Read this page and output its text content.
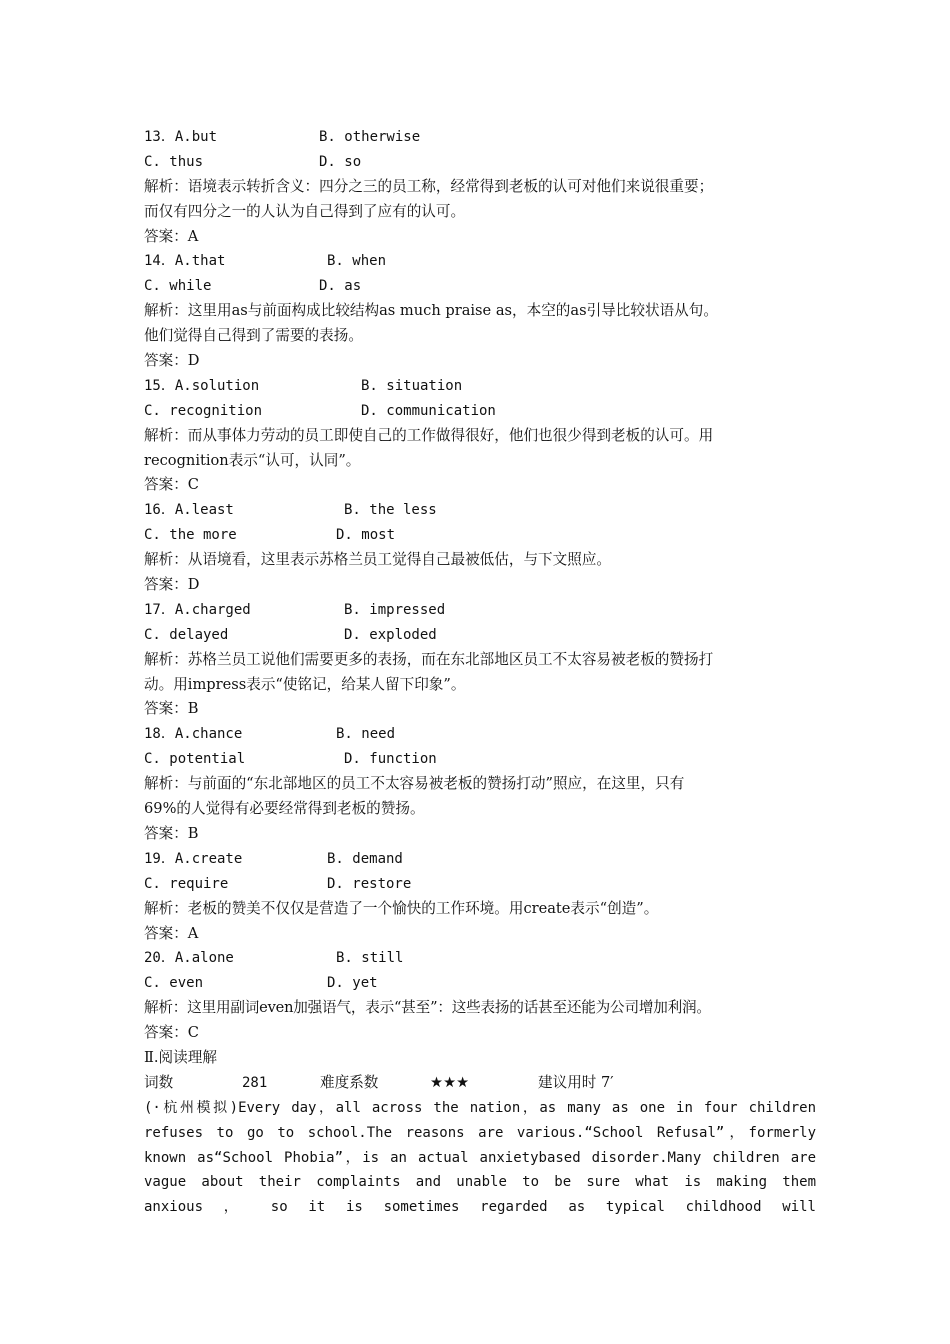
13．A.but	B. otherwise
C. thus	D. so
解析：语境表示转折含义：四分之三的员工称，经常得到老板的认可对他们来说很重要；
而仅有四分之一的人认为自己得到了应有的认可。
答案：A
14．A.that	B. when
C. while	D. as
解析：这里用as与前面构成比较结构as much praise as，本空的as引导比较状语从句。
他们觉得自己得到了需要的表扬。
答案：D
15．A.solution	B. situation
C. recognition	D. communication
解析：而从事体力劳动的员工即使自己的工作做得很好，他们也很少得到老板的认可。用
recognition表示“认可，认同”。
答案：C
16．A.least	B. the less
C. the more	D. most
解析：从语境看，这里表示苏格兰员工觉得自己最被低估，与下文照应。
答案：D
17．A.charged	B. impressed
C. delayed	D. exploded
解析：苏格兰员工说他们需要更多的表扬，而在东北部地区员工不太容易被老板的赞扬打
动。用impress表示“使铭记，给某人留下印象”。
答案：B
18．A.chance	B. need
C. potential	D. function
解析：与前面的“东北部地区的员工不太容易被老板的赞扬打动”照应，在这里，只有
69%的人觉得有必要经常得到老板的赞扬。
答案：B
19．A.create	B. demand
C. require	D. restore
解析：老板的赞美不仅仅是营造了一个愉快的工作环境。用create表示“创造”。
答案：A
20．A.alone	B. still
C. even	D. yet
解析：这里用副词even加强语气，表示“甚至”：这些表扬的话甚至还能为公司增加利润。
答案：C
Ⅱ.阅读理解
词数	281	难度系数	★★★	建议用时 7′
(·杭州模拟)Every day，all across the nation，as many as one in four children
refuses to go to school.The reasons are various.“School Refusal”，formerly
known as“School Phobia”，is an actual anxietybased disorder.Many children are
vague about their complaints and unable to be sure what is making them
anxious ， so it is sometimes regarded as typical childhood will
